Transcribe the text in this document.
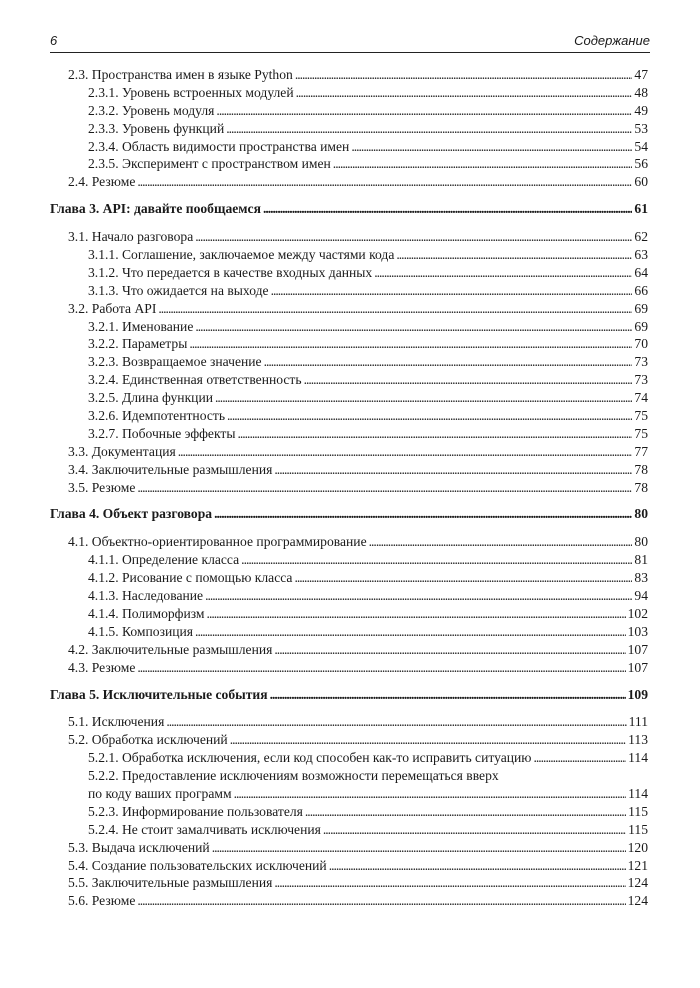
6	Содержание
2.3. Пространства имен в языке Python . . .	47
2.3.1. Уровень встроенных модулей . . .	48
2.3.2. Уровень модуля . . .	49
2.3.3. Уровень функций . . .	53
2.3.4. Область видимости пространства имен . . .	54
2.3.5. Эксперимент с пространством имен . . .	56
2.4. Резюме . . .	60
Глава 3. API: давайте пообщаемся . . .	61
3.1. Начало разговора . . .	62
3.1.1. Соглашение, заключаемое между частями кода . . .	63
3.1.2. Что передается в качестве входных данных . . .	64
3.1.3. Что ожидается на выходе . . .	66
3.2. Работа API . . .	69
3.2.1. Именование . . .	69
3.2.2. Параметры . . .	70
3.2.3. Возвращаемое значение . . .	73
3.2.4. Единственная ответственность . . .	73
3.2.5. Длина функции . . .	74
3.2.6. Идемпотентность . . .	75
3.2.7. Побочные эффекты . . .	75
3.3. Документация . . .	77
3.4. Заключительные размышления . . .	78
3.5. Резюме . . .	78
Глава 4. Объект разговора . . .	80
4.1. Объектно-ориентированное программирование . . .	80
4.1.1. Определение класса . . .	81
4.1.2. Рисование с помощью класса . . .	83
4.1.3. Наследование . . .	94
4.1.4. Полиморфизм . . .	102
4.1.5. Композиция . . .	103
4.2. Заключительные размышления . . .	107
4.3. Резюме . . .	107
Глава 5. Исключительные события . . .	109
5.1. Исключения . . .	111
5.2. Обработка исключений . . .	113
5.2.1. Обработка исключения, если код способен как-то исправить ситуацию . . .	114
5.2.2. Предоставление исключениям возможности перемещаться вверх
по коду ваших программ . . .	114
5.2.3. Информирование пользователя . . .	115
5.2.4. Не стоит замалчивать исключения . . .	115
5.3. Выдача исключений . . .	120
5.4. Создание пользовательских исключений . . .	121
5.5. Заключительные размышления . . .	124
5.6. Резюме . . .	124
